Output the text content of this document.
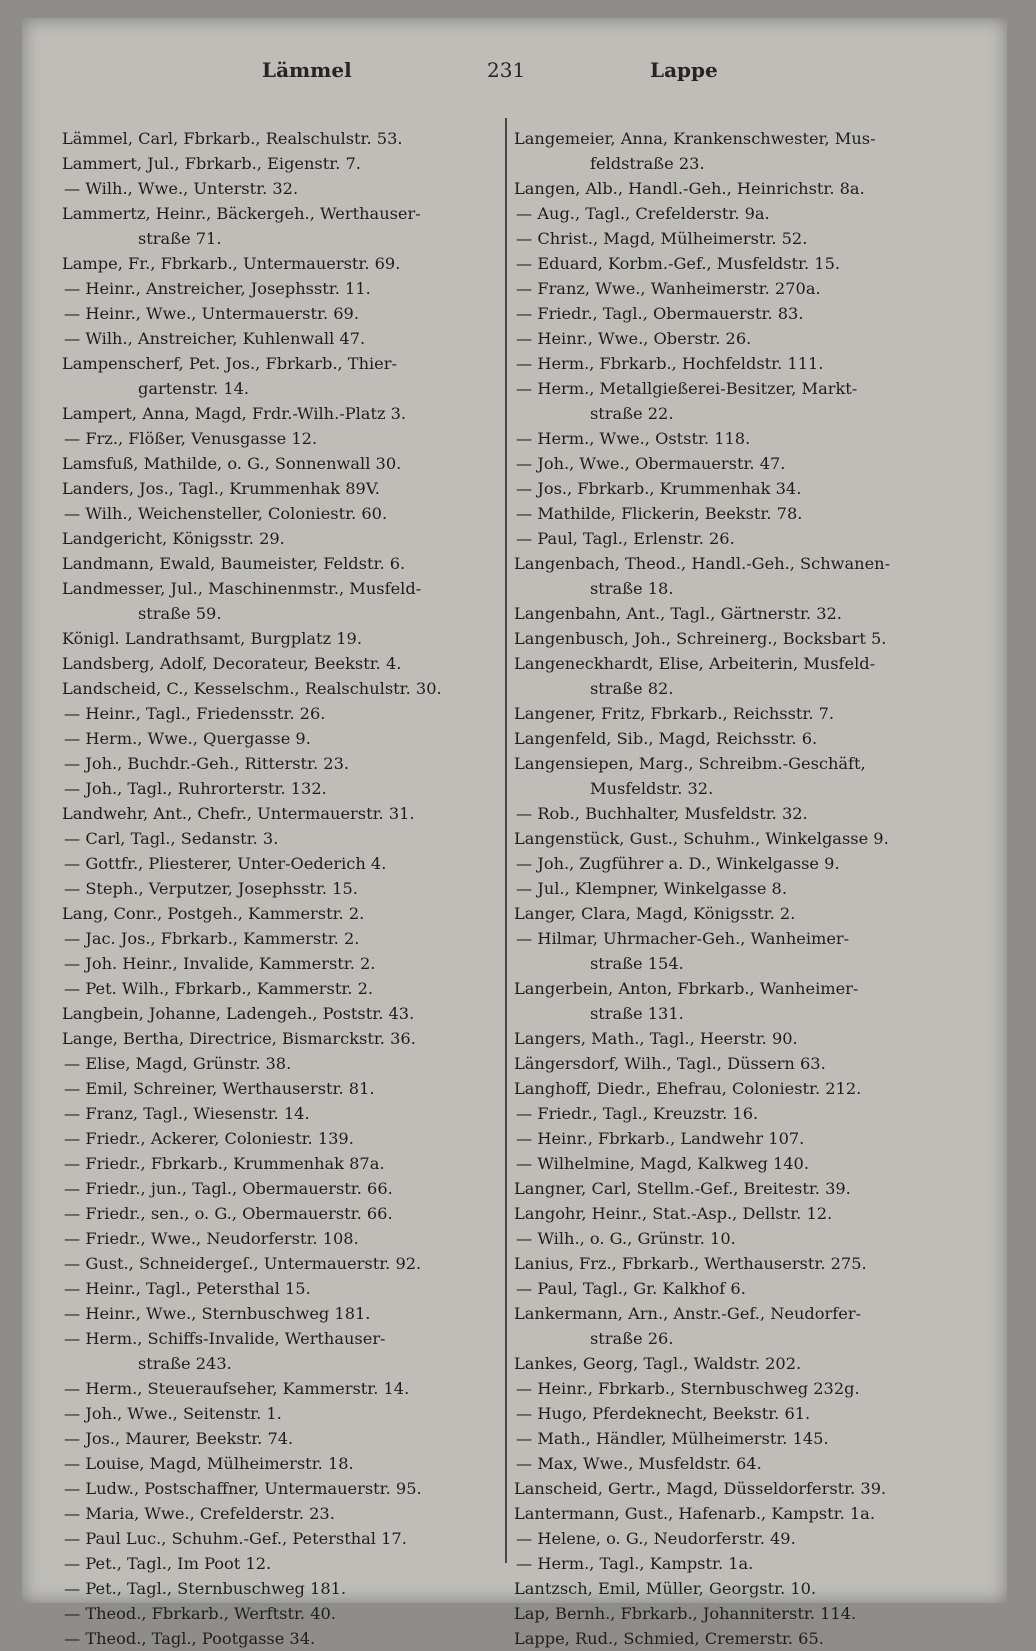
Lämmel	231	Lappe
Lämmel, Carl, Fbrkarb., Realschulstr. 53.
Lammert, Jul., Fbrkarb., Eigenstr. 7.
— Wilh., Wwe., Unterstr. 32.
Lammertz, Heinr., Bäckergeh., Werthauser-
straße 71.
Lampe, Fr., Fbrkarb., Untermauerstr. 69.
— Heinr., Anstreicher, Josephsstr. 11.
— Heinr., Wwe., Untermauerstr. 69.
— Wilh., Anstreicher, Kuhlenwall 47.
Lampenscherf, Pet. Jos., Fbrkarb., Thier-
gartenstr. 14.
Lampert, Anna, Magd, Frdr.-Wilh.-Platz 3.
— Frz., Flößer, Venusgasse 12.
Lamsfuß, Mathilde, o. G., Sonnenwall 30.
Landers, Jos., Tagl., Krummenhak 89V.
— Wilh., Weichensteller, Coloniestr. 60.
Landgericht, Königsstr. 29.
Landmann, Ewald, Baumeister, Feldstr. 6.
Landmesser, Jul., Maschinenmstr., Musfeld-
straße 59.
Königl. Landrathsamt, Burgplatz 19.
Landsberg, Adolf, Decorateur, Beekstr. 4.
Landscheid, C., Kesselschm., Realschulstr. 30.
— Heinr., Tagl., Friedensstr. 26.
— Herm., Wwe., Quergasse 9.
— Joh., Buchdr.-Geh., Ritterstr. 23.
— Joh., Tagl., Ruhrorterstr. 132.
Landwehr, Ant., Chefr., Untermauerstr. 31.
— Carl, Tagl., Sedanstr. 3.
— Gottfr., Pliesterer, Unter-Oederich 4.
— Steph., Verputzer, Josephsstr. 15.
Lang, Conr., Postgeh., Kammerstr. 2.
— Jac. Jos., Fbrkarb., Kammerstr. 2.
— Joh. Heinr., Invalide, Kammerstr. 2.
— Pet. Wilh., Fbrkarb., Kammerstr. 2.
Langbein, Johanne, Ladengeh., Poststr. 43.
Lange, Bertha, Directrice, Bismarckstr. 36.
— Elise, Magd, Grünstr. 38.
— Emil, Schreiner, Werthauserstr. 81.
— Franz, Tagl., Wiesenstr. 14.
— Friedr., Ackerer, Coloniestr. 139.
— Friedr., Fbrkarb., Krummenhak 87a.
— Friedr., jun., Tagl., Obermauerstr. 66.
— Friedr., sen., o. G., Obermauerstr. 66.
— Friedr., Wwe., Neudorferstr. 108.
— Gust., Schneidergeſ., Untermauerstr. 92.
— Heinr., Tagl., Petersthal 15.
— Heinr., Wwe., Sternbuschweg 181.
— Herm., Schiffs-Invalide, Werthauser-
straße 243.
— Herm., Steueraufseher, Kammerstr. 14.
— Joh., Wwe., Seitenstr. 1.
— Jos., Maurer, Beekstr. 74.
— Louise, Magd, Mülheimerstr. 18.
— Ludw., Postschaffner, Untermauerstr. 95.
— Maria, Wwe., Crefelderstr. 23.
— Paul Luc., Schuhm.-Gef., Petersthal 17.
— Pet., Tagl., Im Poot 12.
— Pet., Tagl., Sternbuschweg 181.
— Theod., Fbrkarb., Werftstr. 40.
— Theod., Tagl., Pootgasse 34.
Langemeier, Anna, Krankenschwester, Mus-
feldstraße 23.
Langen, Alb., Handl.-Geh., Heinrichstr. 8a.
— Aug., Tagl., Crefelderstr. 9a.
— Christ., Magd, Mülheimerstr. 52.
— Eduard, Korbm.-Gef., Musfeldstr. 15.
— Franz, Wwe., Wanheimerstr. 270a.
— Friedr., Tagl., Obermauerstr. 83.
— Heinr., Wwe., Oberstr. 26.
— Herm., Fbrkarb., Hochfeldstr. 111.
— Herm., Metallgießerei-Besitzer, Markt-
straße 22.
— Herm., Wwe., Oststr. 118.
— Joh., Wwe., Obermauerstr. 47.
— Jos., Fbrkarb., Krummenhak 34.
— Mathilde, Flickerin, Beekstr. 78.
— Paul, Tagl., Erlenstr. 26.
Langenbach, Theod., Handl.-Geh., Schwanen-
straße 18.
Langenbahn, Ant., Tagl., Gärtnerstr. 32.
Langenbusch, Joh., Schreinerg., Bocksbart 5.
Langeneckhardt, Elise, Arbeiterin, Musfeld-
straße 82.
Langener, Fritz, Fbrkarb., Reichsstr. 7.
Langenfeld, Sib., Magd, Reichsstr. 6.
Langensiepen, Marg., Schreibm.-Geschäft,
Musfeldstr. 32.
— Rob., Buchhalter, Musfeldstr. 32.
Langenstück, Gust., Schuhm., Winkelgasse 9.
— Joh., Zugführer a. D., Winkelgasse 9.
— Jul., Klempner, Winkelgasse 8.
Langer, Clara, Magd, Königsstr. 2.
— Hilmar, Uhrmacher-Geh., Wanheimer-
straße 154.
Langerbein, Anton, Fbrkarb., Wanheimer-
straße 131.
Langers, Math., Tagl., Heerstr. 90.
Längersdorf, Wilh., Tagl., Düssern 63.
Langhoff, Diedr., Ehefrau, Coloniestr. 212.
— Friedr., Tagl., Kreuzstr. 16.
— Heinr., Fbrkarb., Landwehr 107.
— Wilhelmine, Magd, Kalkweg 140.
Langner, Carl, Stellm.-Gef., Breitestr. 39.
Langohr, Heinr., Stat.-Asp., Dellstr. 12.
— Wilh., o. G., Grünstr. 10.
Lanius, Frz., Fbrkarb., Werthauserstr. 275.
— Paul, Tagl., Gr. Kalkhof 6.
Lankermann, Arn., Anstr.-Gef., Neudorfer-
straße 26.
Lankes, Georg, Tagl., Waldstr. 202.
— Heinr., Fbrkarb., Sternbuschweg 232g.
— Hugo, Pferdeknecht, Beekstr. 61.
— Math., Händler, Mülheimerstr. 145.
— Max, Wwe., Musfeldstr. 64.
Lanscheid, Gertr., Magd, Düsseldorferstr. 39.
Lantermann, Gust., Hafenarb., Kampstr. 1a.
— Helene, o. G., Neudorferstr. 49.
— Herm., Tagl., Kampstr. 1a.
Lantzsch, Emil, Müller, Georgstr. 10.
Lap, Bernh., Fbrkarb., Johanniterstr. 114.
Lappe, Rud., Schmied, Cremerstr. 65.
